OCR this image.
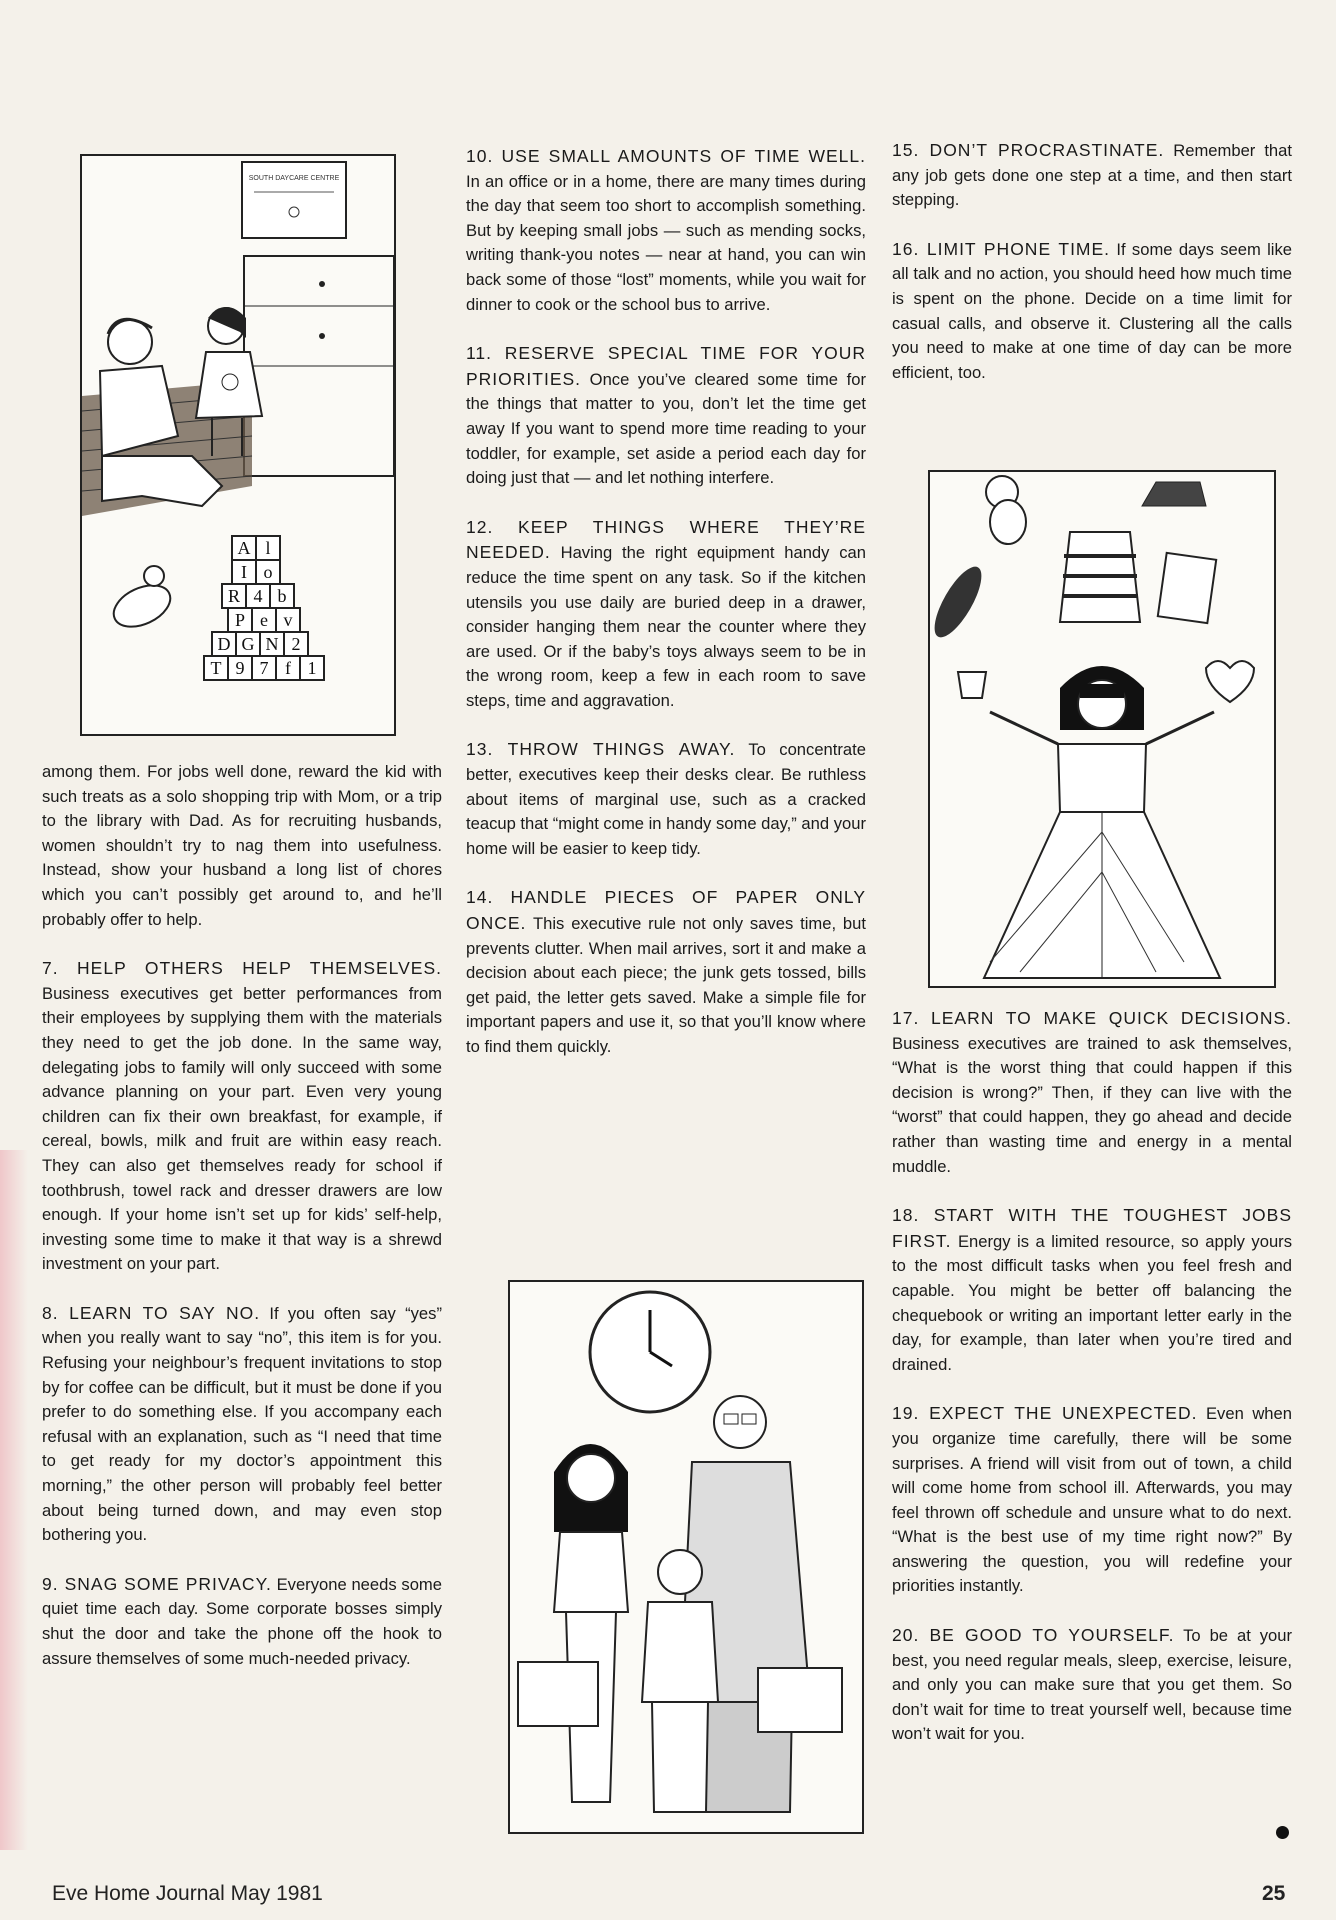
SOUTH DAYCARE CENTRE
A l
I o
R 4 b
P e v
D G N 2
T 9 7 f 1

among them. For jobs well done, reward the kid with such treats as a solo shopping trip with Mom, or a trip to the library with Dad. As for recruiting husbands, women shouldn’t try to nag them into usefulness. Instead, show your husband a long list of chores which you can’t possibly get around to, and he’ll probably offer to help.

7. HELP OTHERS HELP THEMSELVES. Business executives get better performances from their employees by supplying them with the materials they need to get the job done. In the same way, delegating jobs to family will only succeed with some advance planning on your part. Even very young children can fix their own breakfast, for example, if cereal, bowls, milk and fruit are within easy reach. They can also get themselves ready for school if toothbrush, towel rack and dresser drawers are low enough. If your home isn’t set up for kids’ self-help, investing some time to make it that way is a shrewd investment on your part.

8. LEARN TO SAY NO. If you often say “yes” when you really want to say “no”, this item is for you. Refusing your neighbour’s frequent invitations to stop by for coffee can be difficult, but it must be done if you prefer to do something else. If you accompany each refusal with an explanation, such as “I need that time to get ready for my doctor’s appointment this morning,” the other person will probably feel better about being turned down, and may even stop bothering you.

9. SNAG SOME PRIVACY. Everyone needs some quiet time each day. Some corporate bosses simply shut the door and take the phone off the hook to assure themselves of some much-needed privacy.

10. USE SMALL AMOUNTS OF TIME WELL. In an office or in a home, there are many times during the day that seem too short to accomplish something. But by keeping small jobs — such as mending socks, writing thank-you notes — near at hand, you can win back some of those “lost” moments, while you wait for dinner to cook or the school bus to arrive.

11. RESERVE SPECIAL TIME FOR YOUR PRIORITIES. Once you’ve cleared some time for the things that matter to you, don’t let the time get away If you want to spend more time reading to your toddler, for example, set aside a period each day for doing just that — and let nothing interfere.

12. KEEP THINGS WHERE THEY’RE NEEDED. Having the right equipment handy can reduce the time spent on any task. So if the kitchen utensils you use daily are buried deep in a drawer, consider hanging them near the counter where they are used. Or if the baby’s toys always seem to be in the wrong room, keep a few in each room to save steps, time and aggravation.

13. THROW THINGS AWAY. To concentrate better, executives keep their desks clear. Be ruthless about items of marginal use, such as a cracked teacup that “might come in handy some day,” and your home will be easier to keep tidy.

14. HANDLE PIECES OF PAPER ONLY ONCE. This executive rule not only saves time, but prevents clutter. When mail arrives, sort it and make a decision about each piece; the junk gets tossed, bills get paid, the letter gets saved. Make a simple file for important papers and use it, so that you’ll know where to find them quickly.

15. DON’T PROCRASTINATE. Remember that any job gets done one step at a time, and then start stepping.

16. LIMIT PHONE TIME. If some days seem like all talk and no action, you should heed how much time is spent on the phone. Decide on a time limit for casual calls, and observe it. Clustering all the calls you need to make at one time of day can be more efficient, too.

17. LEARN TO MAKE QUICK DECISIONS. Business executives are trained to ask themselves, “What is the worst thing that could happen if this decision is wrong?” Then, if they can live with the “worst” that could happen, they go ahead and decide rather than wasting time and energy in a mental muddle.

18. START WITH THE TOUGHEST JOBS FIRST. Energy is a limited resource, so apply yours to the most difficult tasks when you feel fresh and capable. You might be better off balancing the chequebook or writing an important letter early in the day, for example, than later when you’re tired and drained.

19. EXPECT THE UNEXPECTED. Even when you organize time carefully, there will be some surprises. A friend will visit from out of town, a child will come home from school ill. Afterwards, you may feel thrown off schedule and unsure what to do next. “What is the best use of my time right now?” By answering the question, you will redefine your priorities instantly.

20. BE GOOD TO YOURSELF. To be at your best, you need regular meals, sleep, exercise, leisure, and only you can make sure that you get them. So don’t wait for time to treat yourself well, because time won’t wait for you.

Eve Home Journal May 1981	25
